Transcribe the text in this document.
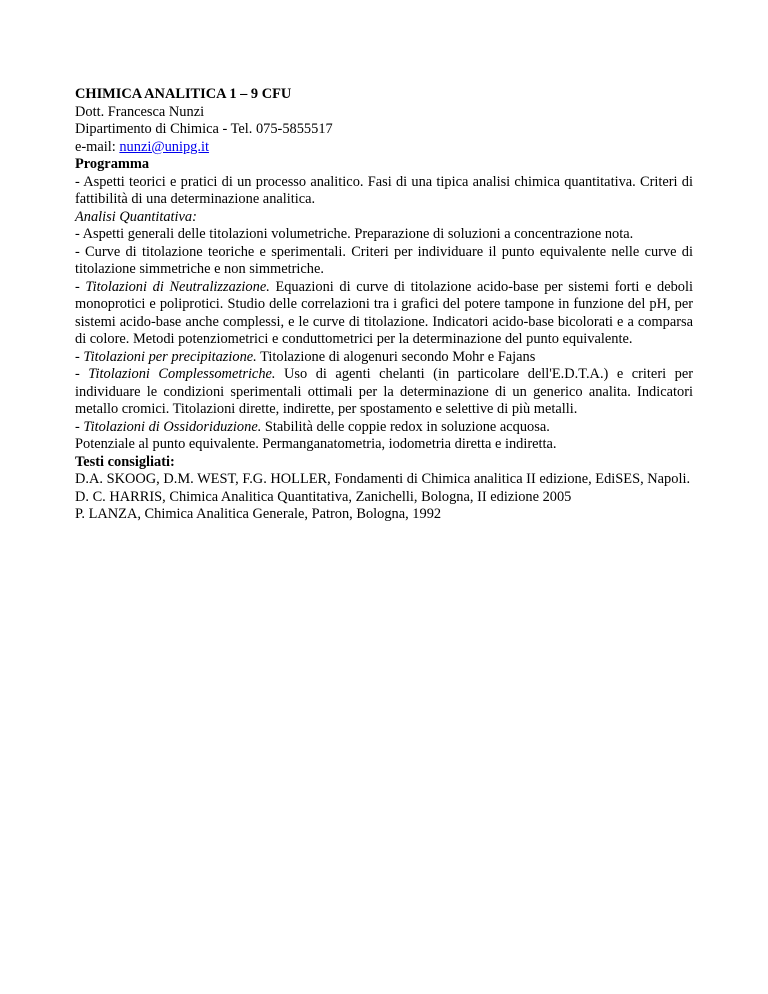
CHIMICA ANALITICA 1 – 9 CFU
Dott. Francesca Nunzi
Dipartimento di Chimica - Tel. 075-5855517
e-mail: nunzi@unipg.it
Programma
- Aspetti teorici e pratici di un processo analitico. Fasi di una tipica analisi chimica quantitativa. Criteri di fattibilità di una determinazione analitica.
Analisi Quantitativa:
- Aspetti generali delle titolazioni volumetriche. Preparazione di soluzioni a concentrazione nota.
- Curve di titolazione teoriche e sperimentali. Criteri per individuare il punto equivalente nelle curve di titolazione simmetriche e non simmetriche.
- Titolazioni di Neutralizzazione. Equazioni di curve di titolazione acido-base per sistemi forti e deboli monoprotici e poliprotici. Studio delle correlazioni tra i grafici del potere tampone in funzione del pH, per sistemi acido-base anche complessi, e le curve di titolazione. Indicatori acido-base bicolorati e a comparsa di colore. Metodi potenziometrici e conduttometrici per la determinazione del punto equivalente.
- Titolazioni per precipitazione. Titolazione di alogenuri secondo Mohr e Fajans
- Titolazioni Complessometriche. Uso di agenti chelanti (in particolare dell'E.D.T.A.) e criteri per individuare le condizioni sperimentali ottimali per la determinazione di un generico analita. Indicatori metallo cromici. Titolazioni dirette, indirette, per spostamento e selettive di più metalli.
- Titolazioni di Ossidoriduzione. Stabilità delle coppie redox in soluzione acquosa.
Potenziale al punto equivalente. Permanganatometria, iodometria diretta e indiretta.
Testi consigliati:
D.A. SKOOG, D.M. WEST, F.G. HOLLER, Fondamenti di Chimica analitica II edizione, EdiSES, Napoli.
D. C. HARRIS, Chimica Analitica Quantitativa, Zanichelli, Bologna, II edizione 2005
P. LANZA, Chimica Analitica Generale, Patron, Bologna, 1992
